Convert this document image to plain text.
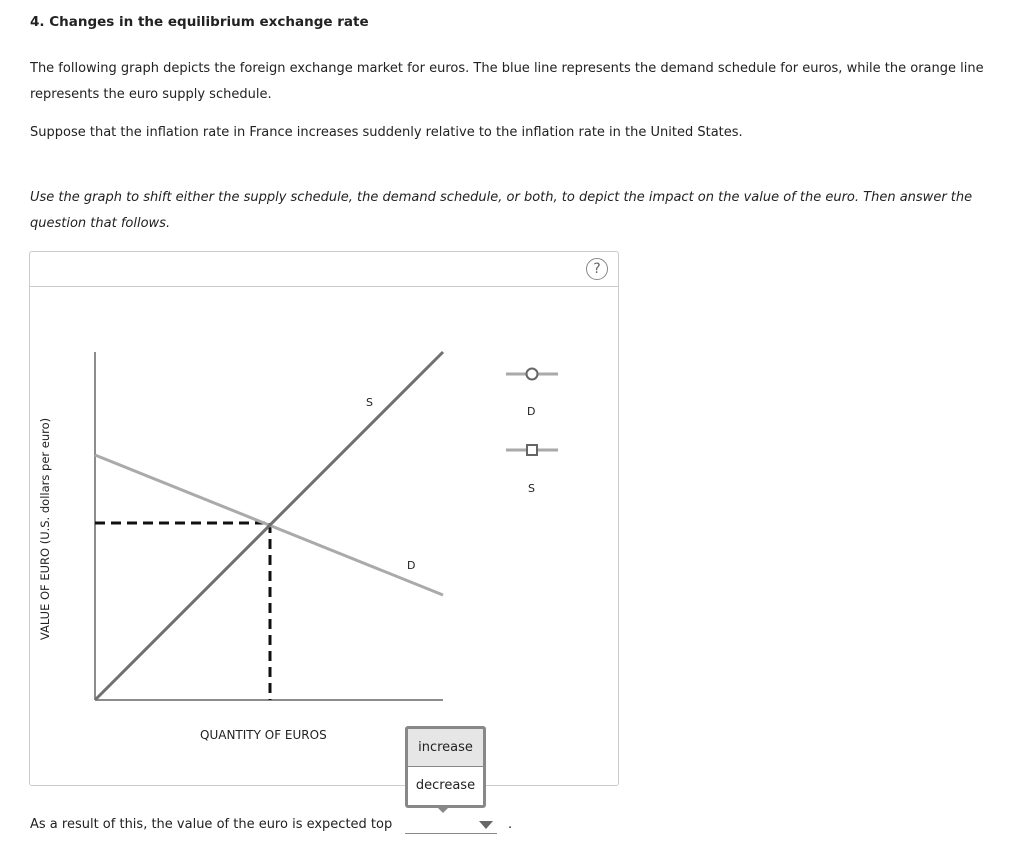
4. Changes in the equilibrium exchange rate
The following graph depicts the foreign exchange market for euros. The blue line represents the demand schedule for euros, while the orange line represents the euro supply schedule.
Suppose that the inflation rate in France increases suddenly relative to the inflation rate in the United States.
Use the graph to shift either the supply schedule, the demand schedule, or both, to depict the impact on the value of the euro. Then answer the question that follows.
?
S
D
D
S
QUANTITY OF EUROS
VALUE OF EURO (U.S. dollars per euro)
As a result of this, the value of the euro is expected top	.
increase
decrease
